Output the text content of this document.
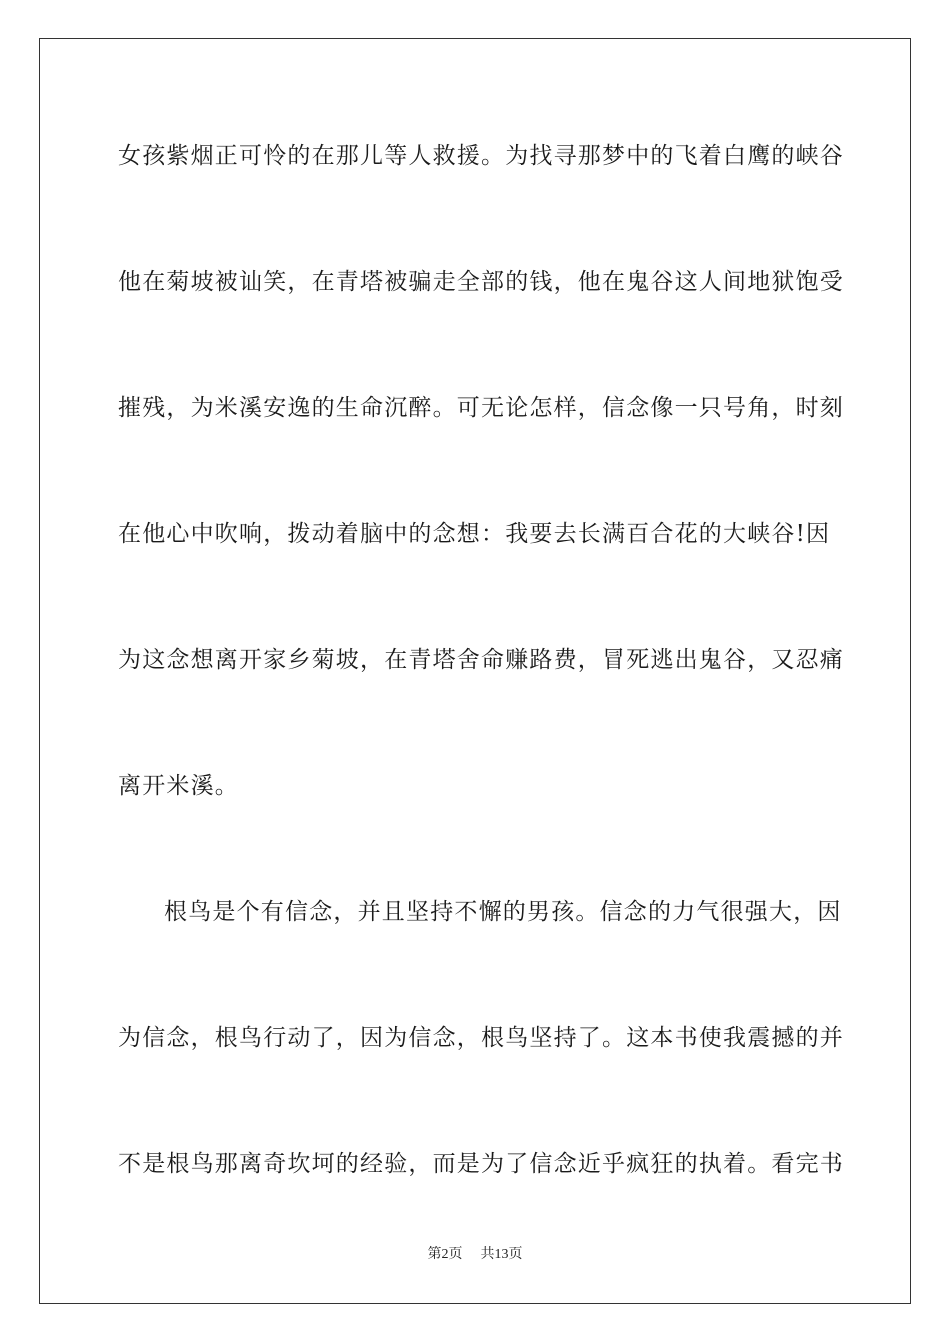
女孩紫烟正可怜的在那儿等人救援。为找寻那梦中的飞着白鹰的峡谷
他在菊坡被讪笑，在青塔被骗走全部的钱，他在鬼谷这人间地狱饱受
摧残，为米溪安逸的生命沉醉。可无论怎样，信念像一只号角，时刻
在他心中吹响，拨动着脑中的念想：我要去长满百合花的大峡谷!因
为这念想离开家乡菊坡，在青塔舍命赚路费，冒死逃出鬼谷，又忍痛
离开米溪。
根鸟是个有信念，并且坚持不懈的男孩。信念的力气很强大，因
为信念，根鸟行动了，因为信念，根鸟坚持了。这本书使我震撼的并
不是根鸟那离奇坎坷的经验，而是为了信念近乎疯狂的执着。看完书
第2页 共13页
